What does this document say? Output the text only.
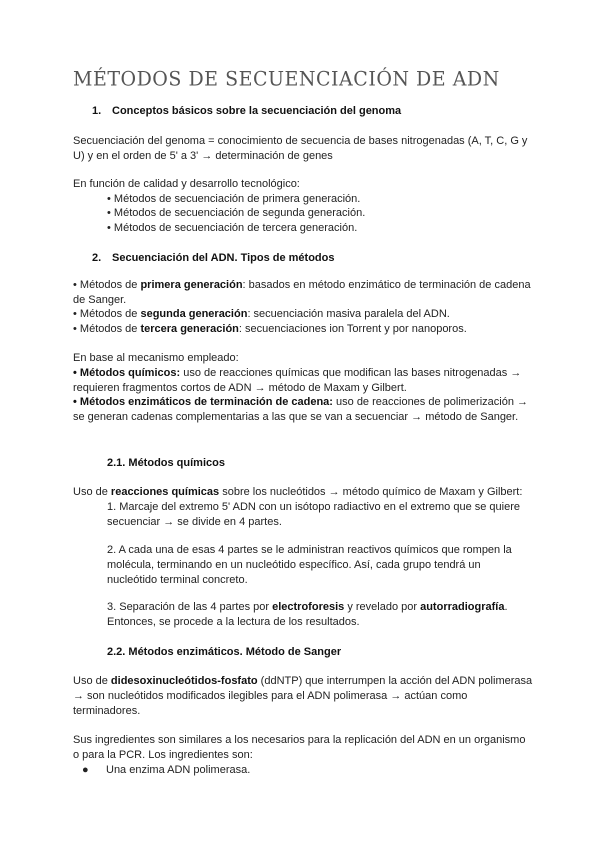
MÉTODOS DE SECUENCIACIÓN DE ADN
1. Conceptos básicos sobre la secuenciación del genoma
Secuenciación del genoma = conocimiento de secuencia de bases nitrogenadas (A, T, C, G y U) y en el orden de 5' a 3' → determinación de genes
En función de calidad y desarrollo tecnológico:
• Métodos de secuenciación de primera generación.
• Métodos de secuenciación de segunda generación.
• Métodos de secuenciación de tercera generación.
2. Secuenciación del ADN. Tipos de métodos
• Métodos de primera generación: basados en método enzimático de terminación de cadena de Sanger.
• Métodos de segunda generación: secuenciación masiva paralela del ADN.
• Métodos de tercera generación: secuenciaciones ion Torrent y por nanoporos.
En base al mecanismo empleado:
• Métodos químicos: uso de reacciones químicas que modifican las bases nitrogenadas → requieren fragmentos cortos de ADN → método de Maxam y Gilbert.
• Métodos enzimáticos de terminación de cadena: uso de reacciones de polimerización → se generan cadenas complementarias a las que se van a secuenciar → método de Sanger.
2.1. Métodos químicos
Uso de reacciones químicas sobre los nucleótidos → método químico de Maxam y Gilbert:
1. Marcaje del extremo 5' ADN con un isótopo radiactivo en el extremo que se quiere secuenciar → se divide en 4 partes.
2. A cada una de esas 4 partes se le administran reactivos químicos que rompen la molécula, terminando en un nucleótido específico. Así, cada grupo tendrá un nucleótido terminal concreto.
3. Separación de las 4 partes por electroforesis y revelado por autorradiografía. Entonces, se procede a la lectura de los resultados.
2.2. Métodos enzimáticos. Método de Sanger
Uso de didesoxinucleótidos-fosfato (ddNTP) que interrumpen la acción del ADN polimerasa → son nucleótidos modificados ilegibles para el ADN polimerasa → actúan como terminadores.
Sus ingredientes son similares a los necesarios para la replicación del ADN en un organismo o para la PCR. Los ingredientes son:
● Una enzima ADN polimerasa.
